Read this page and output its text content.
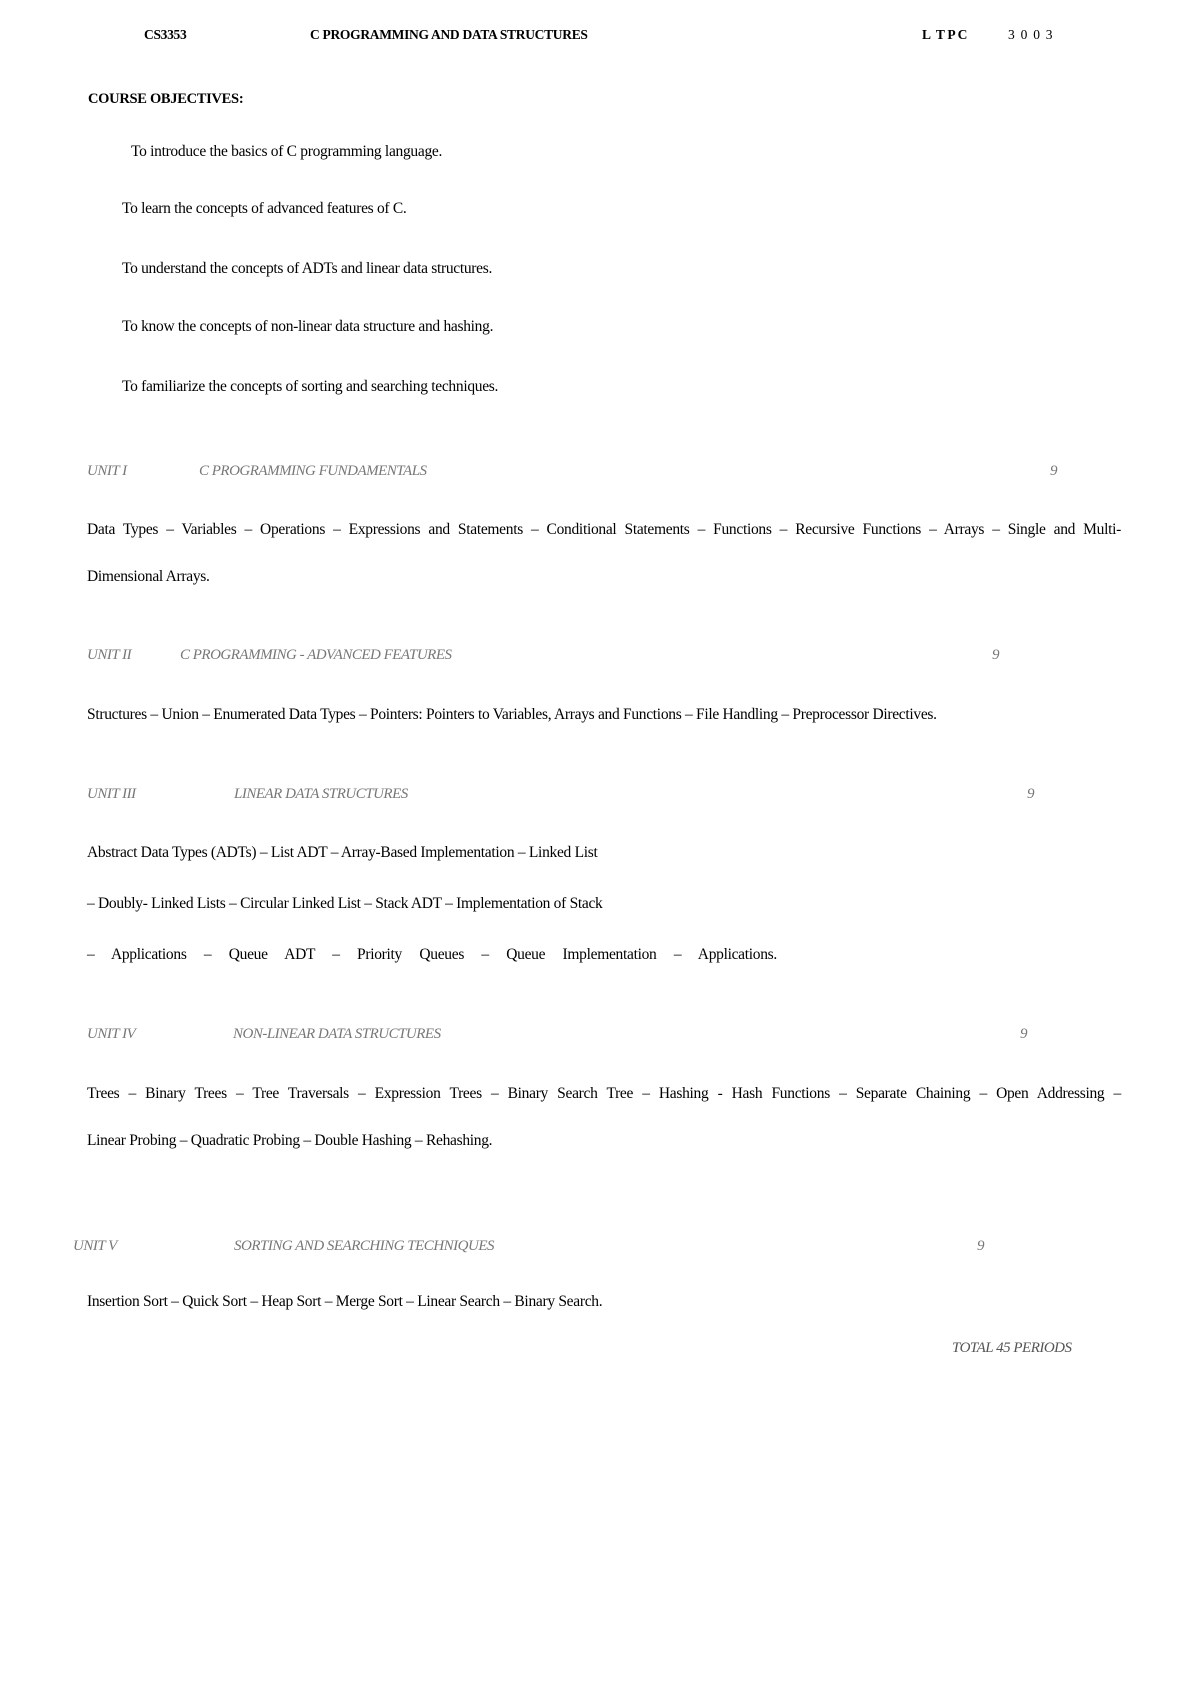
CS3353	C PROGRAMMING AND DATA STRUCTURES	L  T P C	3  0  0  3
COURSE OBJECTIVES:
To introduce the basics of C programming language.
To learn the concepts of advanced features of C.
To understand the concepts of ADTs and linear data structures.
To know the concepts of non-linear data structure and hashing.
To familiarize the concepts of sorting and searching techniques.
UNIT I	C PROGRAMMING FUNDAMENTALS	9
Data Types – Variables – Operations – Expressions and Statements – Conditional Statements – Functions – Recursive Functions – Arrays – Single and Multi-
Dimensional Arrays.
UNIT II	C PROGRAMMING - ADVANCED FEATURES	9
Structures – Union – Enumerated Data Types – Pointers: Pointers to Variables, Arrays and Functions – File Handling – Preprocessor Directives.
UNIT III	LINEAR DATA STRUCTURES	9
Abstract Data Types (ADTs) – List ADT – Array-Based Implementation – Linked List
– Doubly- Linked Lists – Circular Linked List – Stack ADT – Implementation of Stack
– Applications – Queue ADT – Priority Queues – Queue Implementation – Applications.
UNIT IV	NON-LINEAR DATA STRUCTURES	9
Trees – Binary Trees – Tree Traversals – Expression Trees – Binary Search Tree – Hashing - Hash Functions – Separate Chaining – Open Addressing –
Linear Probing – Quadratic Probing – Double Hashing – Rehashing.
UNIT V	SORTING AND SEARCHING TECHNIQUES	9
Insertion Sort – Quick Sort – Heap Sort – Merge Sort – Linear Search – Binary Search.
TOTAL 45 PERIODS
